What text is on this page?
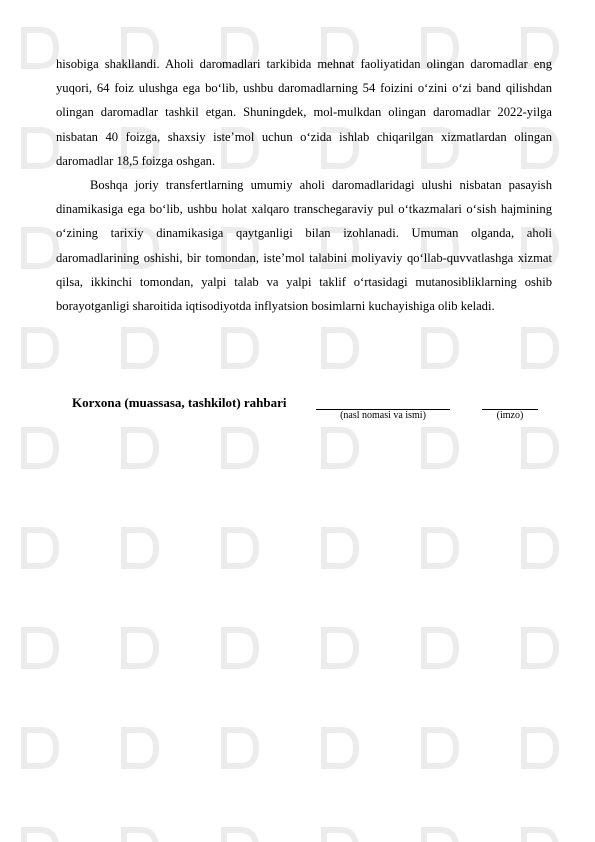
hisobiga shakllandi. Aholi daromadlari tarkibida mehnat faoliyatidan olingan daromadlar eng yuqori, 64 foiz ulushga ega bo‘lib, ushbu daromadlarning 54 foizini o‘zini o‘zi band qilishdan olingan daromadlar tashkil etgan. Shuningdek, mol-mulkdan olingan daromadlar 2022-yilga nisbatan 40 foizga, shaxsiy iste’mol uchun o‘zida ishlab chiqarilgan xizmatlardan olingan daromadlar 18,5 foizga oshgan.

Boshqa joriy transfertlarning umumiy aholi daromadlaridagi ulushi nisbatan pasayish dinamikasiga ega bo‘lib, ushbu holat xalqaro transchegaraviy pul o‘tkazmalari o‘sish hajmining o‘zining tarixiy dinamikasiga qaytganligi bilan izohlanadi. Umuman olganda, aholi daromadlarining oshishi, bir tomondan, iste’mol talabini moliyaviy qo‘llab-quvvatlashga xizmat qilsa, ikkinchi tomondan, yalpi talab va yalpi taklif o‘rtasidagi mutanosibliklarning oshib borayotganligi sharoitida iqtisodiyotda inflyatsion bosimlarni kuchayishiga olib keladi.

Korxona (muassasa, tashkilot) rahbari
(nasl nomasi va ismi)	(imzo)
